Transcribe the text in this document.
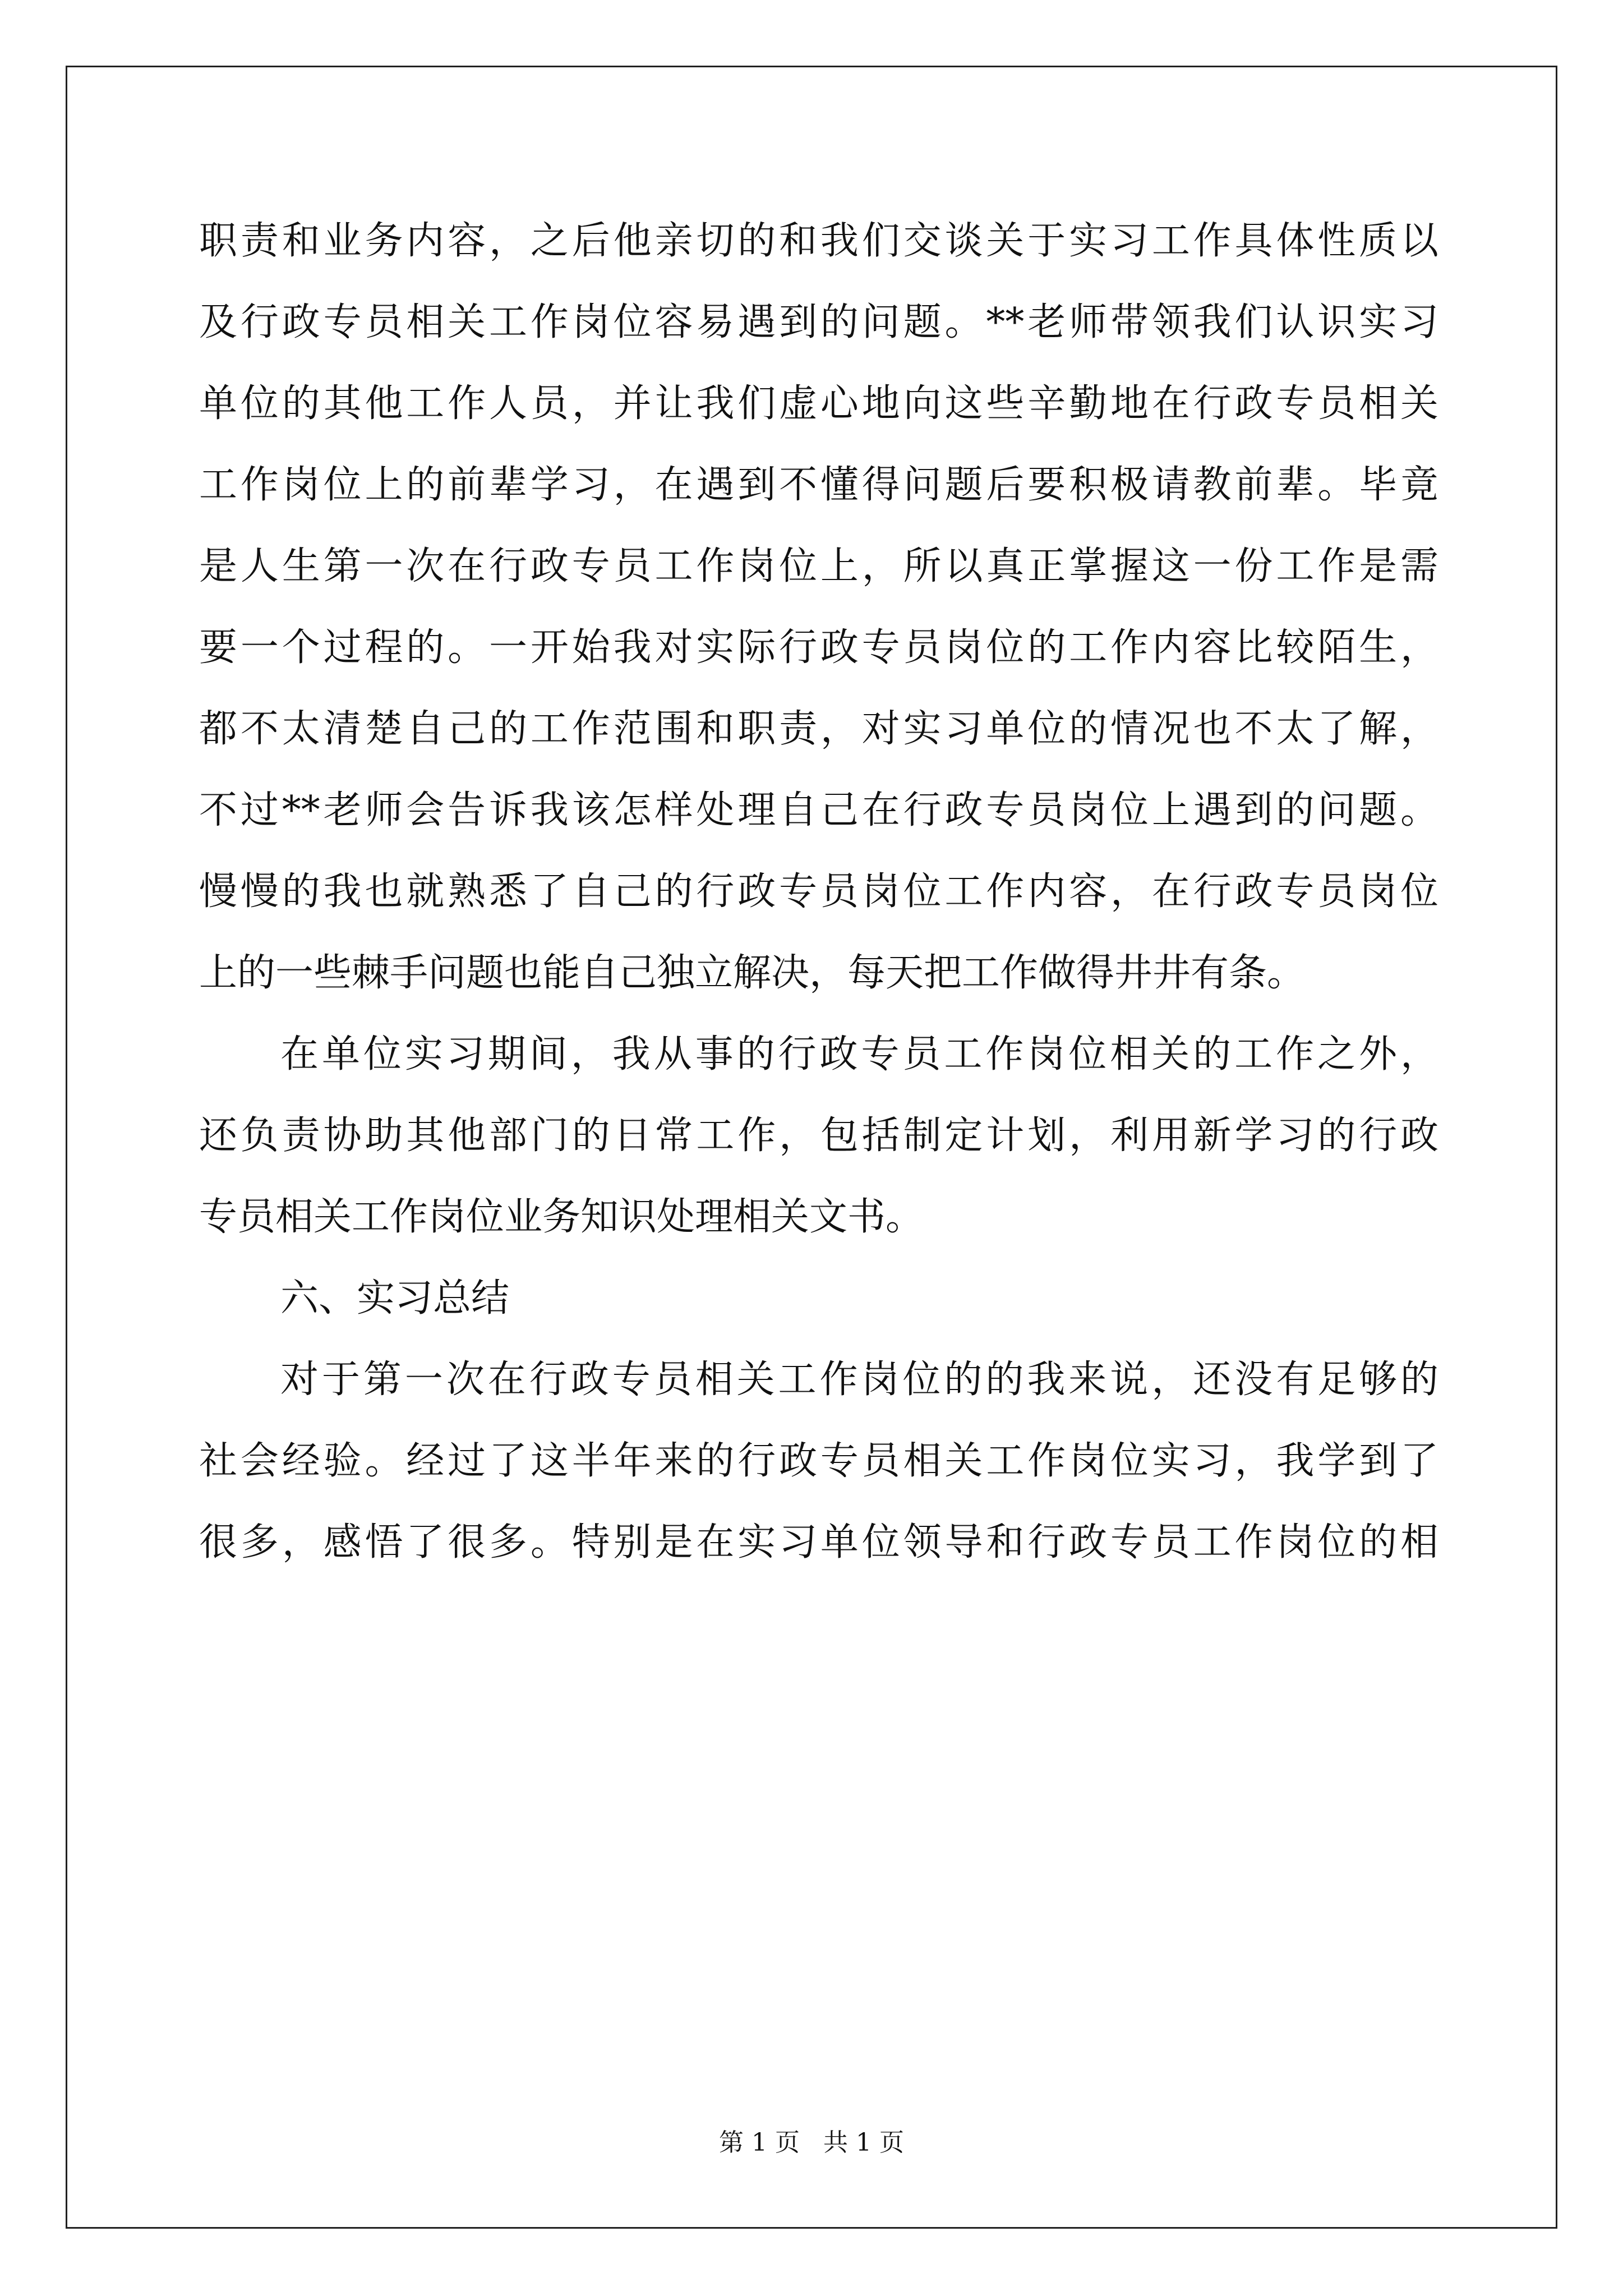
职责和业务内容，之后他亲切的和我们交谈关于实习工作具体性质以
及行政专员相关工作岗位容易遇到的问题。**老师带领我们认识实习
单位的其他工作人员，并让我们虚心地向这些辛勤地在行政专员相关
工作岗位上的前辈学习，在遇到不懂得问题后要积极请教前辈。毕竟
是人生第一次在行政专员工作岗位上，所以真正掌握这一份工作是需
要一个过程的。一开始我对实际行政专员岗位的工作内容比较陌生，
都不太清楚自己的工作范围和职责，对实习单位的情况也不太了解，
不过**老师会告诉我该怎样处理自己在行政专员岗位上遇到的问题。
慢慢的我也就熟悉了自己的行政专员岗位工作内容，在行政专员岗位
上的一些棘手问题也能自己独立解决，每天把工作做得井井有条。
在单位实习期间，我从事的行政专员工作岗位相关的工作之外，
还负责协助其他部门的日常工作，包括制定计划，利用新学习的行政
专员相关工作岗位业务知识处理相关文书。
六、实习总结
对于第一次在行政专员相关工作岗位的的我来说，还没有足够的
社会经验。经过了这半年来的行政专员相关工作岗位实习，我学到了
很多，感悟了很多。特别是在实习单位领导和行政专员工作岗位的相
第 1 页   共 1 页
